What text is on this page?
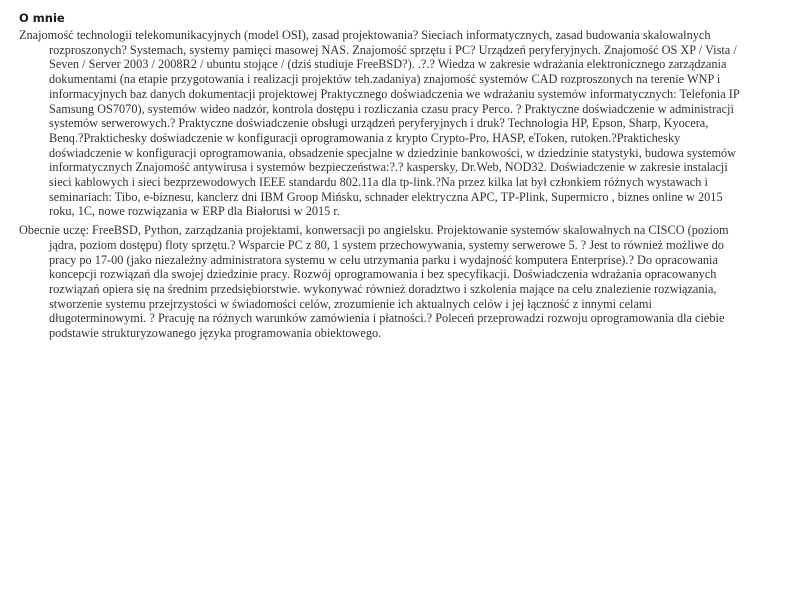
O mnie

Znajomość technologii telekomunikacyjnych (model OSI), zasad projektowania? Sieciach informatycznych, zasad budowania skalowalnych rozproszonych? Systemach, systemy pamięci masowej NAS. Znajomość sprzętu i PC? Urządzeń peryferyjnych. Znajomość OS XP / Vista / Seven / Server 2003 / 2008R2 / ubuntu stojące / (dziś studiuje FreeBSD?). .?.? Wiedza w zakresie wdrażania elektronicznego zarządzania dokumentami (na etapie przygotowania i realizacji projektów teh.zadaniya) znajomość systemów CAD rozproszonych na terenie WNP i informacyjnych baz danych dokumentacji projektowej Praktycznego doświadczenia we wdrażaniu systemów informatycznych: Telefonia IP Samsung OS7070), systemów wideo nadzór, kontrola dostępu i rozliczania czasu pracy Perco. ? Praktyczne doświadczenie w administracji systemów serwerowych.? Praktyczne doświadczenie obsługi urządzeń peryferyjnych i druk? Technologia HP, Epson, Sharp, Kyocera, Benq.?Praktichesky doświadczenie w konfiguracji oprogramowania z krypto Crypto-Pro, HASP, eToken, rutoken.?Praktichesky doświadczenie w konfiguracji oprogramowania, obsadzenie specjalne w dziedzinie bankowości, w dziedzinie statystyki, budowa systemów informatycznych Znajomość antywirusa i systemów bezpieczeństwa:?.? kaspersky, Dr.Web, NOD32. Doświadczenie w zakresie instalacji sieci kablowych i sieci bezprzewodowych IEEE standardu 802.11a dla tp-link.?Na przez kilka lat był członkiem różnych wystawach i seminariach: Tibo, e-biznesu, kanclerz dni IBM Groop Mińsku, schnader elektryczna APC, TP-Plink, Supermicro , biznes online w 2015 roku, 1C, nowe rozwiązania w ERP dla Białorusi w 2015 r.

Obecnie uczę: FreeBSD, Python, zarządzania projektami, konwersacji po angielsku. Projektowanie systemów skalowalnych na CISCO (poziom jądra, poziom dostępu) floty sprzętu.? Wsparcie PC z 80, 1 system przechowywania, systemy serwerowe 5. ? Jest to również możliwe do pracy po 17-00 (jako niezależny administratora systemu w celu utrzymania parku i wydajność komputera Enterprise).? Do opracowania koncepcji rozwiązań dla swojej dziedzinie pracy. Rozwój oprogramowania i bez specyfikacji. Doświadczenia wdrażania opracowanych rozwiązań opiera się na średnim przedsiębiorstwie. wykonywać również doradztwo i szkolenia mające na celu znalezienie rozwiązania, stworzenie systemu przejrzystości w świadomości celów, zrozumienie ich aktualnych celów i jej łączność z innymi celami długoterminowymi. ? Pracuję na różnych warunków zamówienia i płatności.? Poleceń przeprowadzi rozwoju oprogramowania dla ciebie podstawie strukturyzowanego języka programowania obiektowego.
